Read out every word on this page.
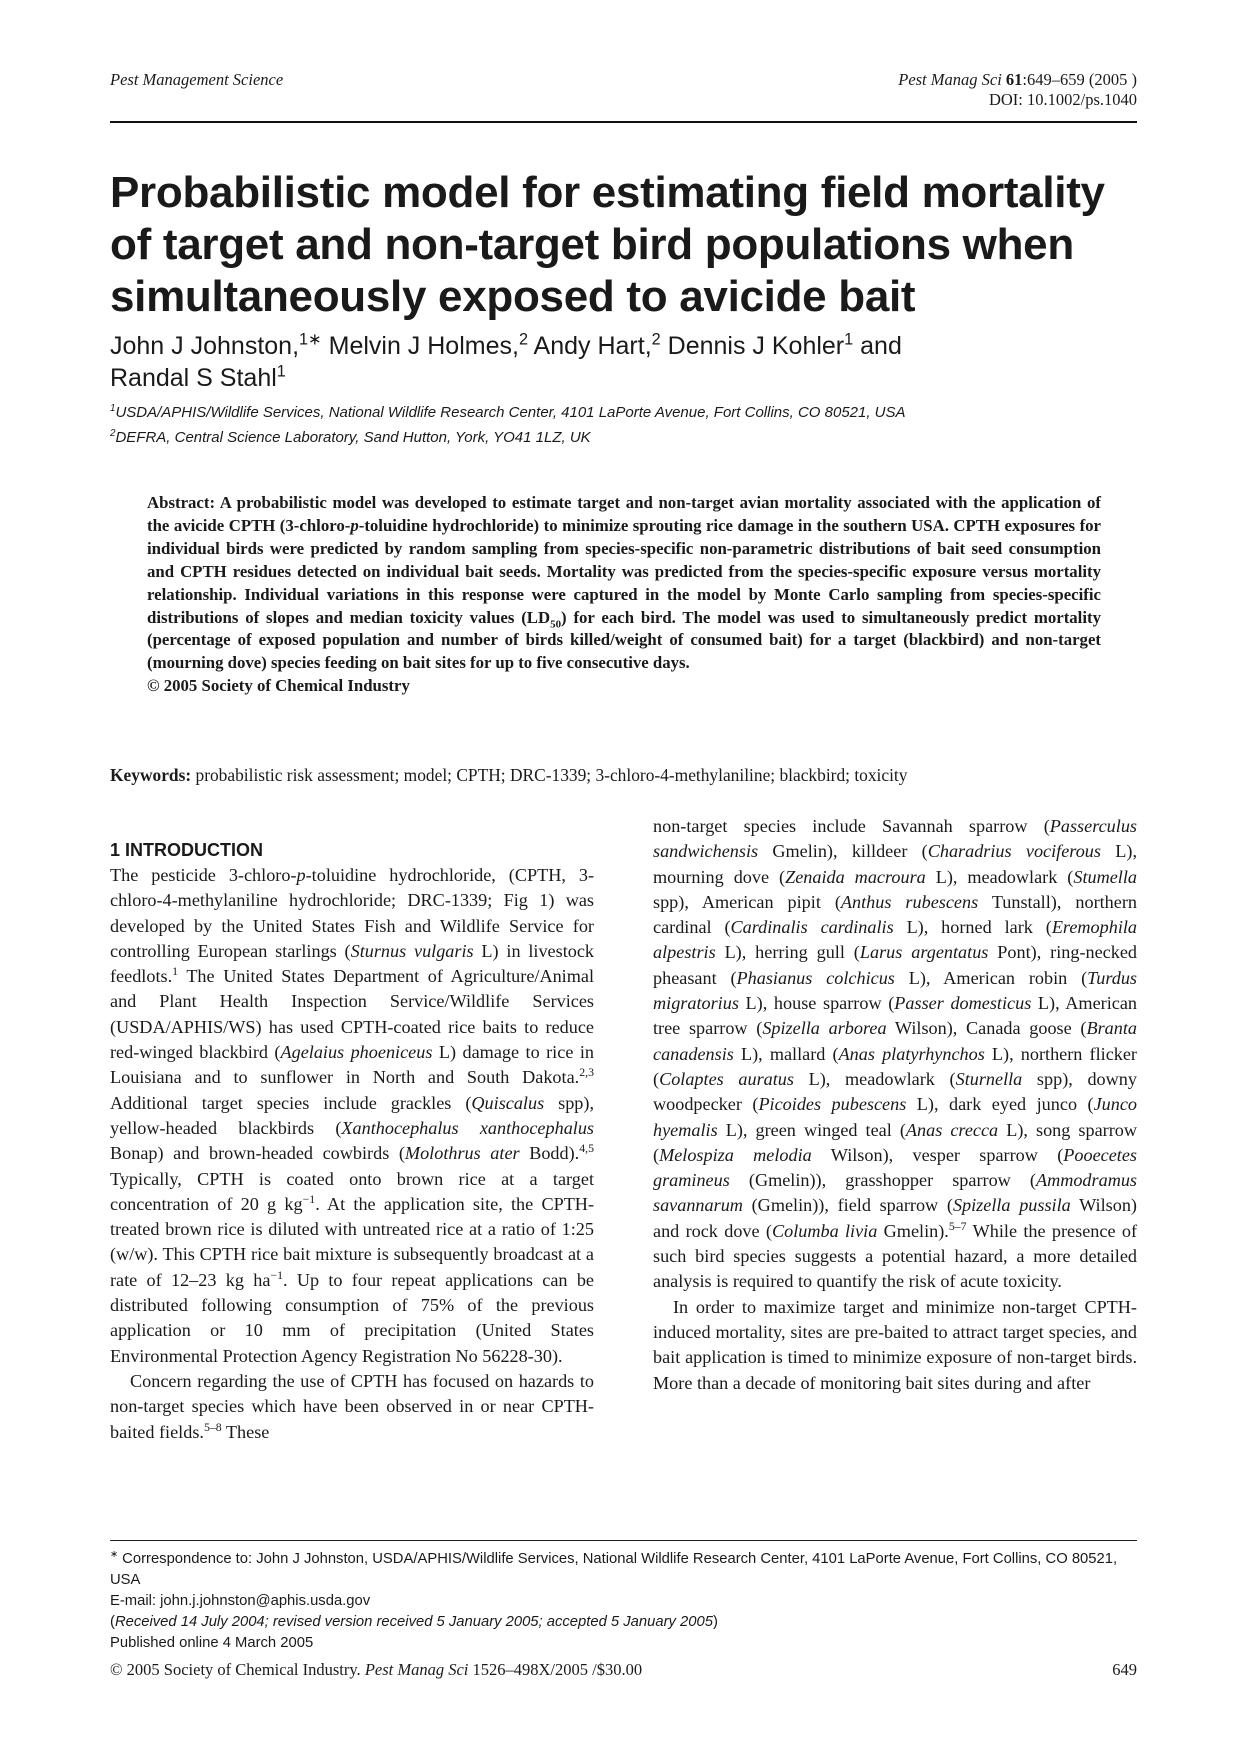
Pest Management Science	Pest Manag Sci 61:649–659 (2005 )
DOI: 10.1002/ps.1040
Probabilistic model for estimating field mortality of target and non-target bird populations when simultaneously exposed to avicide bait
John J Johnston,$^{1∗}$ Melvin J Holmes,$^2$ Andy Hart,$^2$ Dennis J Kohler$^1$ and
Randal S Stahl$^1$
$^1$USDA/APHIS/Wildlife Services, National Wildlife Research Center, 4101 LaPorte Avenue, Fort Collins, CO 80521, USA
$^2$DEFRA, Central Science Laboratory, Sand Hutton, York, YO41 1LZ, UK
Abstract: A probabilistic model was developed to estimate target and non-target avian mortality associated with the application of the avicide CPTH (3-chloro-p-toluidine hydrochloride) to minimize sprouting rice damage in the southern USA. CPTH exposures for individual birds were predicted by random sampling from species-specific non-parametric distributions of bait seed consumption and CPTH residues detected on individual bait seeds. Mortality was predicted from the species-specific exposure versus mortality relationship. Individual variations in this response were captured in the model by Monte Carlo sampling from species-specific distributions of slopes and median toxicity values $(LD_{50})$ for each bird. The model was used to simultaneously predict mortality (percentage of exposed population and number of birds killed/weight of consumed bait) for a target (blackbird) and non-target (mourning dove) species feeding on bait sites for up to five consecutive days.
© 2005 Society of Chemical Industry
Keywords: probabilistic risk assessment; model; CPTH; DRC-1339; 3-chloro-4-methylaniline; blackbird; toxicity
1 INTRODUCTION

The pesticide 3-chloro-p-toluidine hydrochloride, (CPTH, 3-chloro-4-methylaniline hydrochloride; DRC-1339; Fig 1) was developed by the United States Fish and Wildlife Service for controlling European starlings (Sturnus vulgaris L) in livestock feedlots.$^1$ The United States Department of Agriculture/Animal and Plant Health Inspection Service/Wildlife Services (USDA/APHIS/WS) has used CPTH-coated rice baits to reduce red-winged blackbird (Agelaius phoeniceus L) damage to rice in Louisiana and to sunflower in North and South Dakota.$^{2,3}$ Additional target species include grackles (Quiscalus spp), yellow-headed blackbirds (Xanthocephalus xanthocephalus Bonap) and brown-headed cowbirds (Molothrus ater Bodd).$^{4,5}$ Typically, CPTH is coated onto brown rice at a target concentration of 20 g $kg^{-1}$. At the application site, the CPTH-treated brown rice is diluted with untreated rice at a ratio of 1:25 (w/w). This CPTH rice bait mixture is subsequently broadcast at a rate of 12–23 kg $ha^{-1}$. Up to four repeat applications can be distributed following consumption of 75% of the previous application or 10 mm of precipitation (United States Environmental Protection Agency Registration No 56228-30).

Concern regarding the use of CPTH has focused on hazards to non-target species which have been observed in or near CPTH-baited fields.$^{5-8}$ These

non-target species include Savannah sparrow (Passerculus sandwichensis Gmelin), killdeer (Charadrius vociferous L), mourning dove (Zenaida macroura L), meadowlark (Stumella spp), American pipit (Anthus rubescens Tunstall), northern cardinal (Cardinalis cardinalis L), horned lark (Eremophila alpestris L), herring gull (Larus argentatus Pont), ring-necked pheasant (Phasianus colchicus L), American robin (Turdus migratorius L), house sparrow (Passer domesticus L), American tree sparrow (Spizella arborea Wilson), Canada goose (Branta canadensis L), mallard (Anas platyrhynchos L), northern flicker (Colaptes auratus L), meadowlark (Sturnella spp), downy woodpecker (Picoides pubescens L), dark eyed junco (Junco hyemalis L), green winged teal (Anas crecca L), song sparrow (Melospiza melodia Wilson), vesper sparrow (Pooecetes gramineus (Gmelin)), grasshopper sparrow (Ammodramus savannarum (Gmelin)), field sparrow (Spizella pussila Wilson) and rock dove (Columba livia Gmelin).$^{5-7}$ While the presence of such bird species suggests a potential hazard, a more detailed analysis is required to quantify the risk of acute toxicity.

In order to maximize target and minimize non-target CPTH-induced mortality, sites are pre-baited to attract target species, and bait application is timed to minimize exposure of non-target birds. More than a decade of monitoring bait sites during and after

∗ Correspondence to: John J Johnston, USDA/APHIS/Wildlife Services, National Wildlife Research Center, 4101 LaPorte Avenue, Fort Collins, CO 80521, USA

E-mail: john.j.johnston@aphis.usda.gov

(Received 14 July 2004; revised version received 5 January 2005; accepted 5 January 2005)

Published online 4 March 2005

© 2005 Society of Chemical Industry. Pest Manag Sci 1526–498X/2005 /$30.00	649
